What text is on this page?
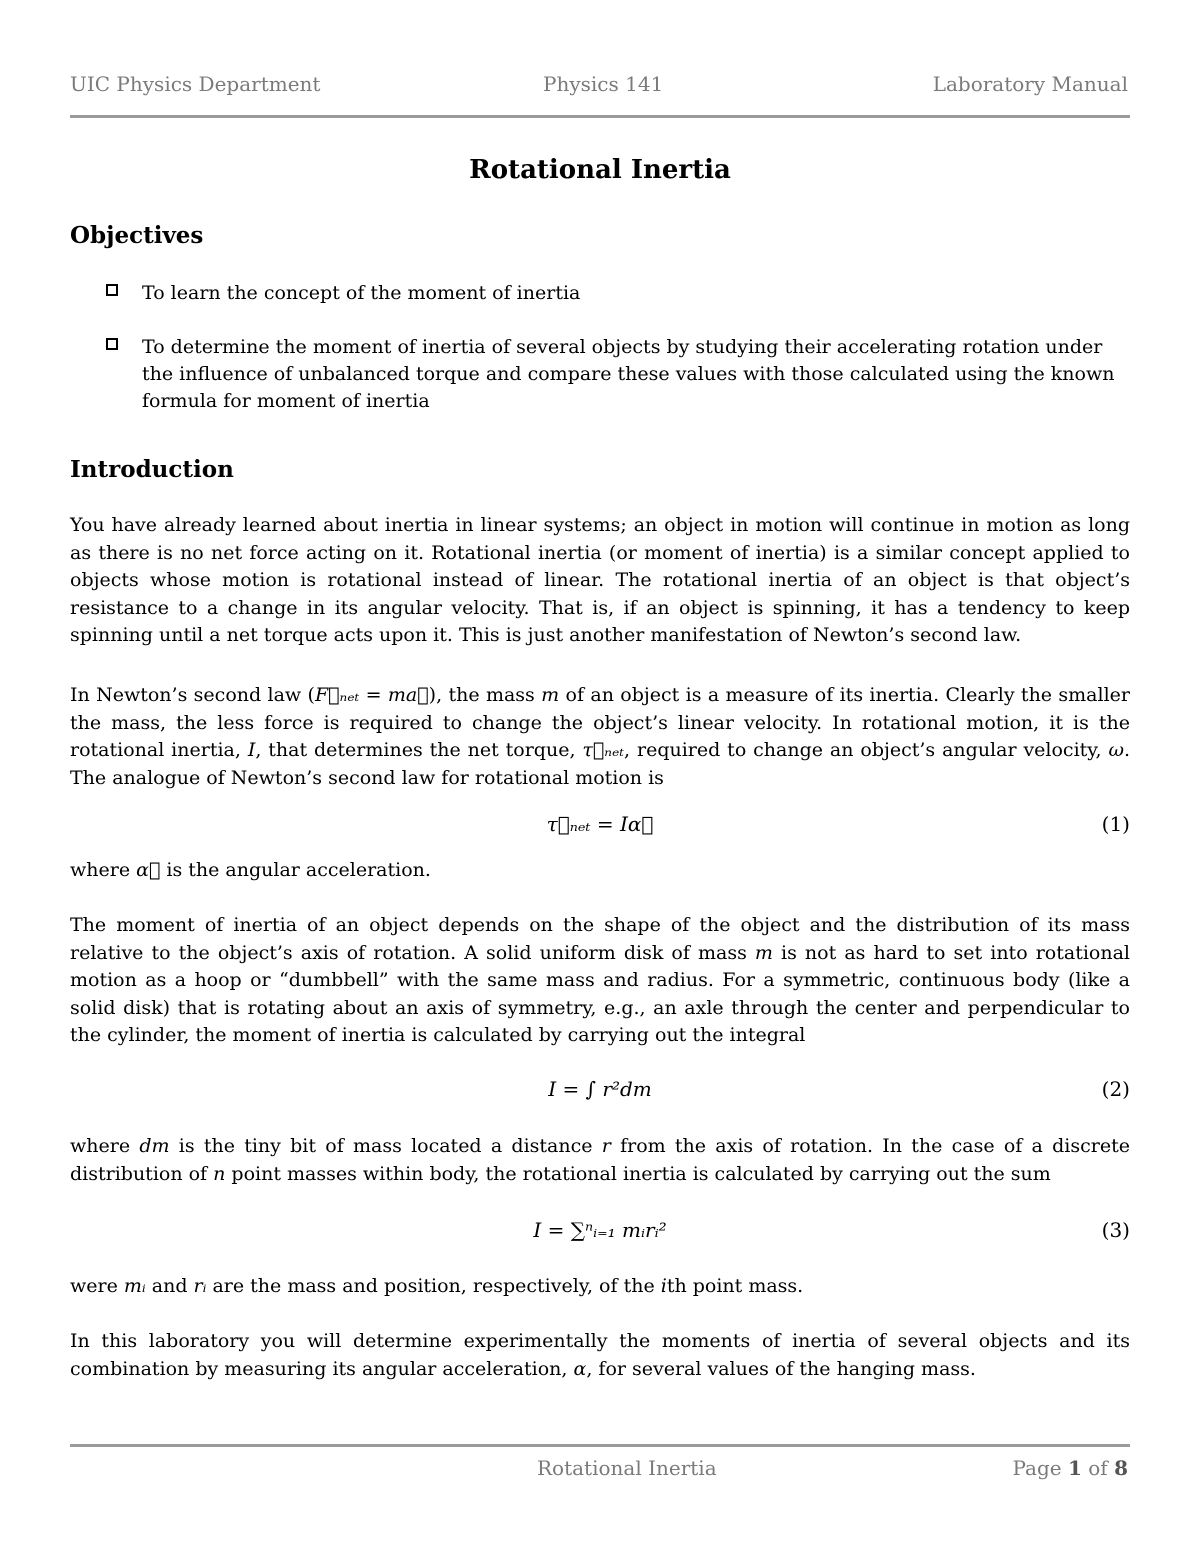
UIC Physics Department	Physics 141	Laboratory Manual
Rotational Inertia
Objectives
To learn the concept of the moment of inertia
To determine the moment of inertia of several objects by studying their accelerating rotation under the influence of unbalanced torque and compare these values with those calculated using the known formula for moment of inertia
Introduction
You have already learned about inertia in linear systems; an object in motion will continue in motion as long as there is no net force acting on it. Rotational inertia (or moment of inertia) is a similar concept applied to objects whose motion is rotational instead of linear. The rotational inertia of an object is that object’s resistance to a change in its angular velocity. That is, if an object is spinning, it has a tendency to keep spinning until a net torque acts upon it. This is just another manifestation of Newton’s second law.
In Newton’s second law (F⃗ₙₑₜ = ma⃗), the mass m of an object is a measure of its inertia. Clearly the smaller the mass, the less force is required to change the object’s linear velocity. In rotational motion, it is the rotational inertia, I, that determines the net torque, τ⃗ₙₑₜ, required to change an object’s angular velocity, ω. The analogue of Newton’s second law for rotational motion is
τ⃗ₙₑₜ = Iα⃗	(1)
where α⃗ is the angular acceleration.
The moment of inertia of an object depends on the shape of the object and the distribution of its mass relative to the object’s axis of rotation. A solid uniform disk of mass m is not as hard to set into rotational motion as a hoop or “dumbbell” with the same mass and radius. For a symmetric, continuous body (like a solid disk) that is rotating about an axis of symmetry, e.g., an axle through the center and perpendicular to the cylinder, the moment of inertia is calculated by carrying out the integral
I = ∫ r²dm	(2)
where dm is the tiny bit of mass located a distance r from the axis of rotation. In the case of a discrete distribution of n point masses within body, the rotational inertia is calculated by carrying out the sum
I = ∑ⁿᵢ₌₁ mᵢrᵢ²	(3)
were mᵢ and rᵢ are the mass and position, respectively, of the ith point mass.
In this laboratory you will determine experimentally the moments of inertia of several objects and its combination by measuring its angular acceleration, α, for several values of the hanging mass.
Rotational Inertia	Page 1 of 8
